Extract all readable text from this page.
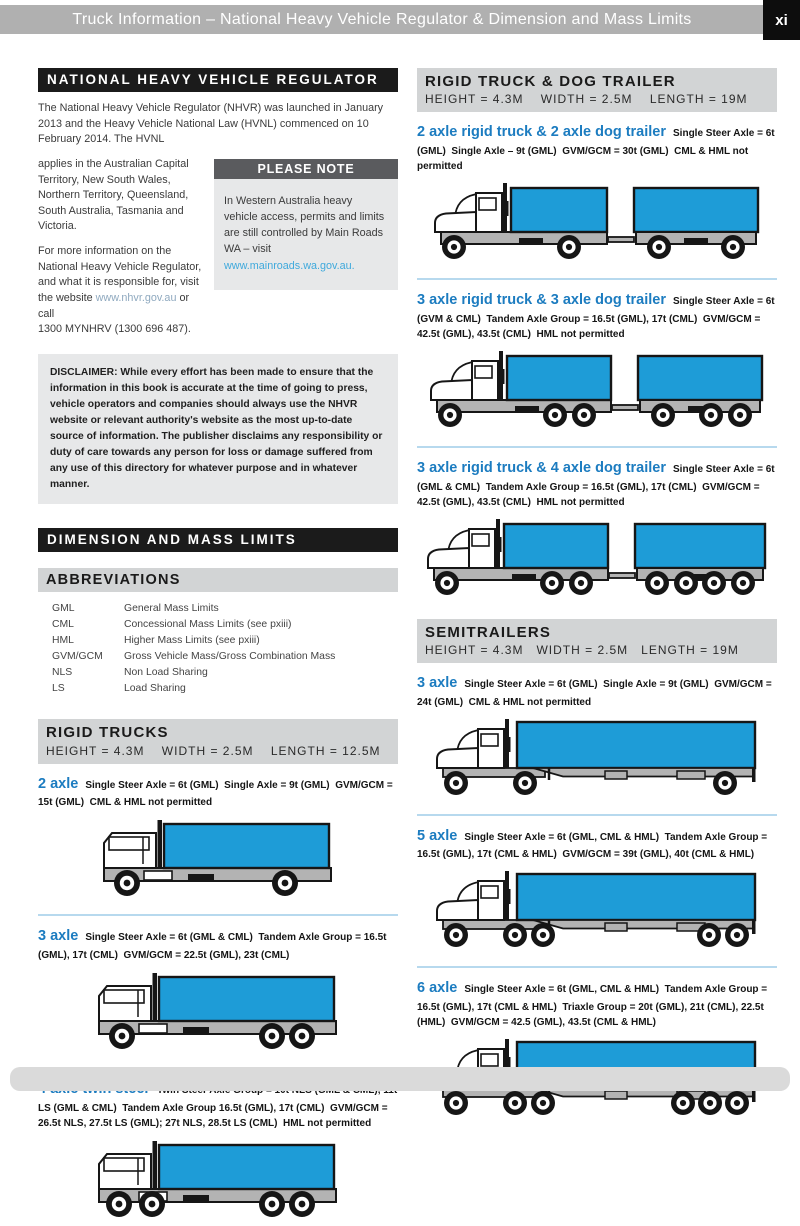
Truck Information – National Heavy Vehicle Regulator & Dimension and Mass Limits	xi
NATIONAL HEAVY VEHICLE REGULATOR

The National Heavy Vehicle Regulator (NHVR) was launched in January 2013 and the Heavy Vehicle National Law (HVNL) commenced on 10 February 2014. The HVNL

PLEASE NOTE
In Western Australia heavy vehicle access, permits and limits are still controlled by Main Roads WA – visit www.mainroads.wa.gov.au.

applies in the Australian Capital Territory, New South Wales, Northern Territory, Queensland, South Australia, Tasmania and Victoria.

For more information on the National Heavy Vehicle Regulator, and what it is responsible for, visit the website www.nhvr.gov.au or call
1300 MYNHRV (1300 696 487).

DISCLAIMER: While every effort has been made to ensure that the information in this book is accurate at the time of going to press, vehicle operators and companies should always use the NHVR website or relevant authority's website as the most up-to-date source of information. The publisher disclaims any responsibility or duty of care towards any person for loss or damage suffered from any use of this directory for whatever purpose and in whatever manner.
DIMENSION AND MASS LIMITS
ABBREVIATIONS
GML	General Mass Limits
CML	Concessional Mass Limits (see pxiii)
HML	Higher Mass Limits (see pxiii)
GVM/GCM	Gross Vehicle Mass/Gross Combination Mass
NLS	Non Load Sharing
LS	Load Sharing
RIGID TRUCKS
HEIGHT = 4.3M    WIDTH = 2.5M    LENGTH = 12.5M

2 axle Single Steer Axle = 6t (GML)  Single Axle = 9t (GML)  GVM/GCM = 15t (GML)  CML & HML not permitted

3 axle Single Steer Axle = 6t (GML & CML)  Tandem Axle Group = 16.5t (GML), 17t (CML)  GVM/GCM = 22.5t (GML), 23t (CML)

LS (GML & CML)  Tandem Axle Group 16.5t (GML), 17t (CML)  GVM/GCM = 26.5t NLS, 27.5t LS (GML); 27t NLS, 28.5t LS (CML)  HML not permitted

RIGID TRUCK & DOG TRAILER
HEIGHT = 4.3M    WIDTH = 2.5M    LENGTH = 19M

2 axle rigid truck & 2 axle dog trailer Single Steer Axle = 6t (GML)  Single Axle – 9t (GML)  GVM/GCM = 30t (GML)  CML & HML not permitted

3 axle rigid truck & 3 axle dog trailer Single Steer Axle = 6t (GVM & CML)  Tandem Axle Group = 16.5t (GML), 17t (CML)  GVM/GCM = 42.5t (GML), 43.5t (CML)  HML not permitted

3 axle rigid truck & 4 axle dog trailer Single Steer Axle = 6t (GML & CML)  Tandem Axle Group = 16.5t (GML), 17t (CML)  GVM/GCM = 42.5t (GML), 43.5t (CML)  HML not permitted

SEMITRAILERS
HEIGHT = 4.3M   WIDTH = 2.5M   LENGTH = 19M

3 axle Single Steer Axle = 6t (GML)  Single Axle = 9t (GML)  GVM/GCM = 24t (GML)  CML & HML not permitted

5 axle Single Steer Axle = 6t (GML, CML & HML)  Tandem Axle Group = 16.5t (GML), 17t (CML & HML)  GVM/GCM = 39t (GML), 40t (CML & HML)

6 axle Single Steer Axle = 6t (GML, CML & HML)  Tandem Axle Group = 16.5t (GML), 17t (CML & HML)  Triaxle Group = 20t (GML), 21t (CML), 22.5t (HML)  GVM/GCM = 42.5 (GML), 43.5t (CML & HML)
